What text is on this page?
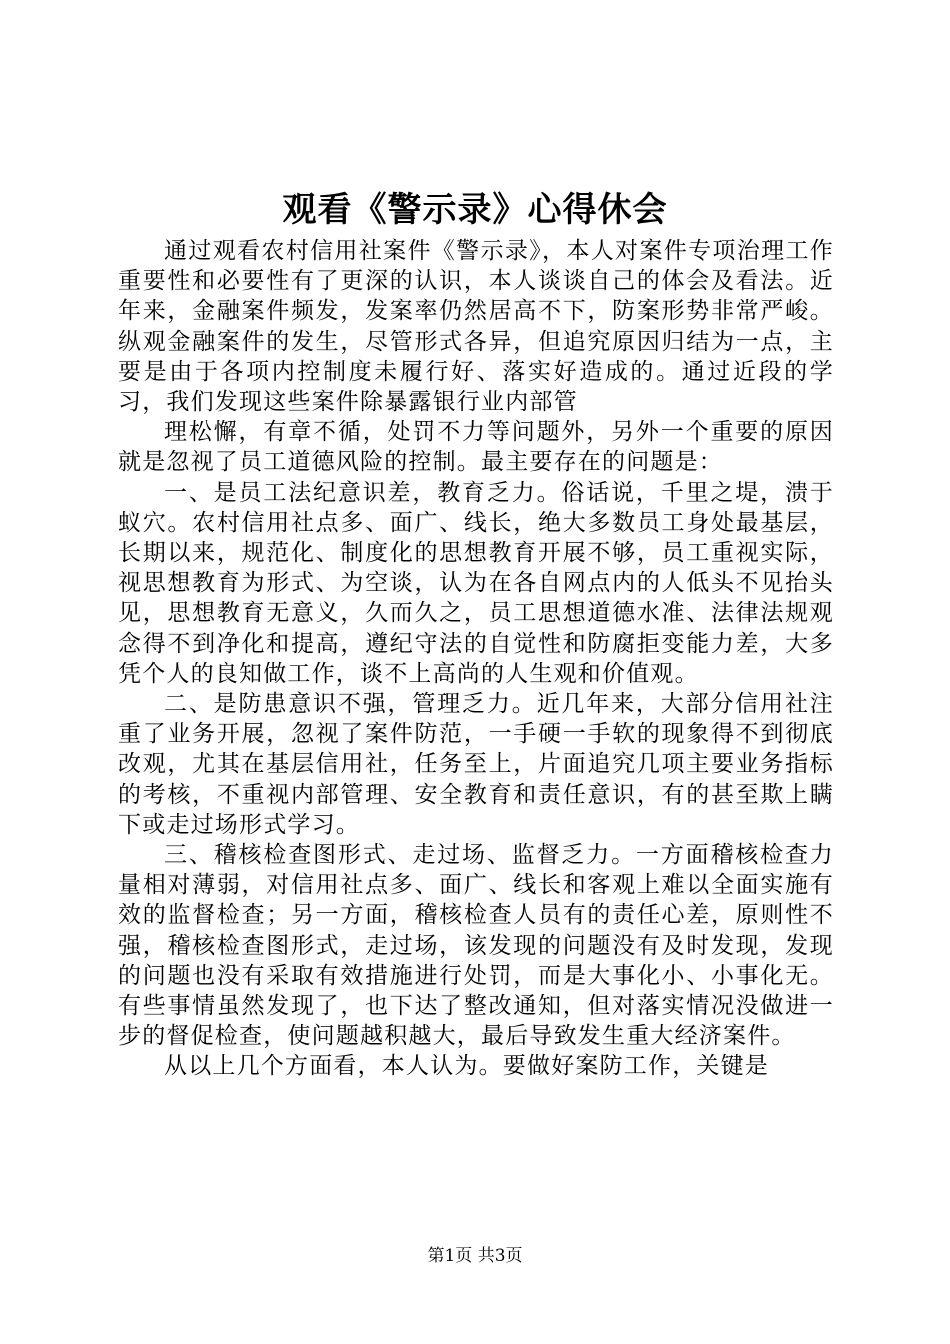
观看《警示录》心得休会

通过观看农村信用社案件《警示录》，本人对案件专项治理工作重要性和必要性有了更深的认识，本人谈谈自己的体会及看法。近年来，金融案件频发，发案率仍然居高不下，防案形势非常严峻。纵观金融案件的发生，尽管形式各异，但追究原因归结为一点，主要是由于各项内控制度未履行好、落实好造成的。通过近段的学习，我们发现这些案件除暴露银行业内部管

理松懈，有章不循，处罚不力等问题外，另外一个重要的原因就是忽视了员工道德风险的控制。最主要存在的问题是：

一、是员工法纪意识差，教育乏力。俗话说，千里之堤，溃于蚁穴。农村信用社点多、面广、线长，绝大多数员工身处最基层，长期以来，规范化、制度化的思想教育开展不够，员工重视实际，视思想教育为形式、为空谈，认为在各自网点内的人低头不见抬头见，思想教育无意义，久而久之，员工思想道德水准、法律法规观念得不到净化和提高，遵纪守法的自觉性和防腐拒变能力差，大多凭个人的良知做工作，谈不上高尚的人生观和价值观。

二、是防患意识不强，管理乏力。近几年来，大部分信用社注重了业务开展，忽视了案件防范，一手硬一手软的现象得不到彻底改观，尤其在基层信用社，任务至上，片面追究几项主要业务指标的考核，不重视内部管理、安全教育和责任意识，有的甚至欺上瞒下或走过场形式学习。

三、稽核检查图形式、走过场、监督乏力。一方面稽核检查力量相对薄弱，对信用社点多、面广、线长和客观上难以全面实施有效的监督检查；另一方面，稽核检查人员有的责任心差，原则性不强，稽核检查图形式，走过场，该发现的问题没有及时发现，发现的问题也没有采取有效措施进行处罚，而是大事化小、小事化无。有些事情虽然发现了，也下达了整改通知，但对落实情况没做进一步的督促检查，使问题越积越大，最后导致发生重大经济案件。

从以上几个方面看，本人认为。要做好案防工作，关键是

第1页 共3页
